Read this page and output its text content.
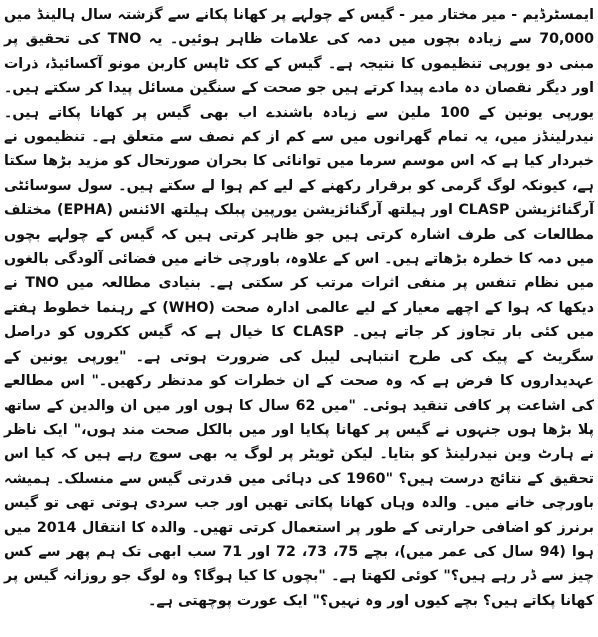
ایمسٹرڈیم - میر مختار میر - گیس کے چولہے پر کھانا پکانے سے گزشتہ سال ہالینڈ میں 70,000 سے زیادہ بچوں میں دمہ کی علامات ظاہر ہوئیں۔ یہ TNO کی تحقیق پر مبنی دو یورپی تنظیموں کا نتیجہ ہے۔ گیس کے کک ٹاپس کاربن مونو آکسائیڈ، ذرات اور دیگر نقصان دہ مادے پیدا کرتے ہیں جو صحت کے سنگین مسائل پیدا کر سکتے ہیں۔ یورپی یونین کے 100 ملین سے زیادہ باشندے اب بھی گیس پر کھانا پکاتے ہیں۔ نیدرلینڈز میں، یہ تمام گھرانوں میں سے کم از کم نصف سے متعلق ہے۔ تنظیموں نے خبردار کیا ہے کہ اس موسم سرما میں توانائی کا بحران صورتحال کو مزید بڑھا سکتا ہے، کیونکہ لوگ گرمی کو برقرار رکھنے کے لیے کم ہوا لے سکتے ہیں۔ سول سوسائٹی آرگنائزیشن CLASP اور ہیلتھ آرگنائزیشن یورپین پبلک ہیلتھ الائنس (EPHA) مختلف مطالعات کی طرف اشارہ کرتی ہیں جو ظاہر کرتی ہیں کہ گیس کے چولہے بچوں میں دمہ کا خطرہ بڑھاتے ہیں۔ اس کے علاوہ، باورچی خانے میں فضائی آلودگی بالغوں میں نظام تنفس پر منفی اثرات مرتب کر سکتی ہے۔ بنیادی مطالعہ میں TNO نے دیکھا کہ ہوا کے اچھے معیار کے لیے عالمی ادارہ صحت (WHO) کے رہنما خطوط ہفتے میں کئی بار تجاوز کر جاتے ہیں۔ CLASP کا خیال ہے کہ گیس ککروں کو دراصل سگریٹ کے پیک کی طرح انتباہی لیبل کی ضرورت ہوتی ہے۔ "یورپی یونین کے عہدیداروں کا فرض ہے کہ وہ صحت کے ان خطرات کو مدنظر رکھیں۔" اس مطالعے کی اشاعت پر کافی تنقید ہوئی۔ "میں 62 سال کا ہوں اور میں ان والدین کے ساتھ پلا بڑھا ہوں جنہوں نے گیس پر کھانا پکایا اور میں بالکل صحت مند ہوں،" ایک ناظر نے ہارٹ وین نیدرلینڈ کو بتایا۔ لیکن ٹویٹر پر لوگ یہ بھی سوچ رہے ہیں کہ کیا اس تحقیق کے نتائج درست ہیں؟ "1960 کی دہائی میں قدرتی گیس سے منسلک۔ ہمیشہ باورچی خانے میں۔ والدہ وہاں کھانا پکاتی تھیں اور جب سردی ہوتی تھی تو گیس برنرز کو اضافی حرارتی کے طور پر استعمال کرتی تھیں۔ والدہ کا انتقال 2014 میں ہوا (94 سال کی عمر میں)، بچے 75، 73، 72 اور 71 سب ابھی تک ہم پھر سے کس چیز سے ڈر رہے ہیں؟" کوئی لکھتا ہے۔ "بچوں کا کیا ہوگا؟ وہ لوگ جو روزانہ گیس پر کھانا پکاتے ہیں؟ بچے کیوں اور وہ نہیں؟" ایک عورت پوچھتی ہے۔
